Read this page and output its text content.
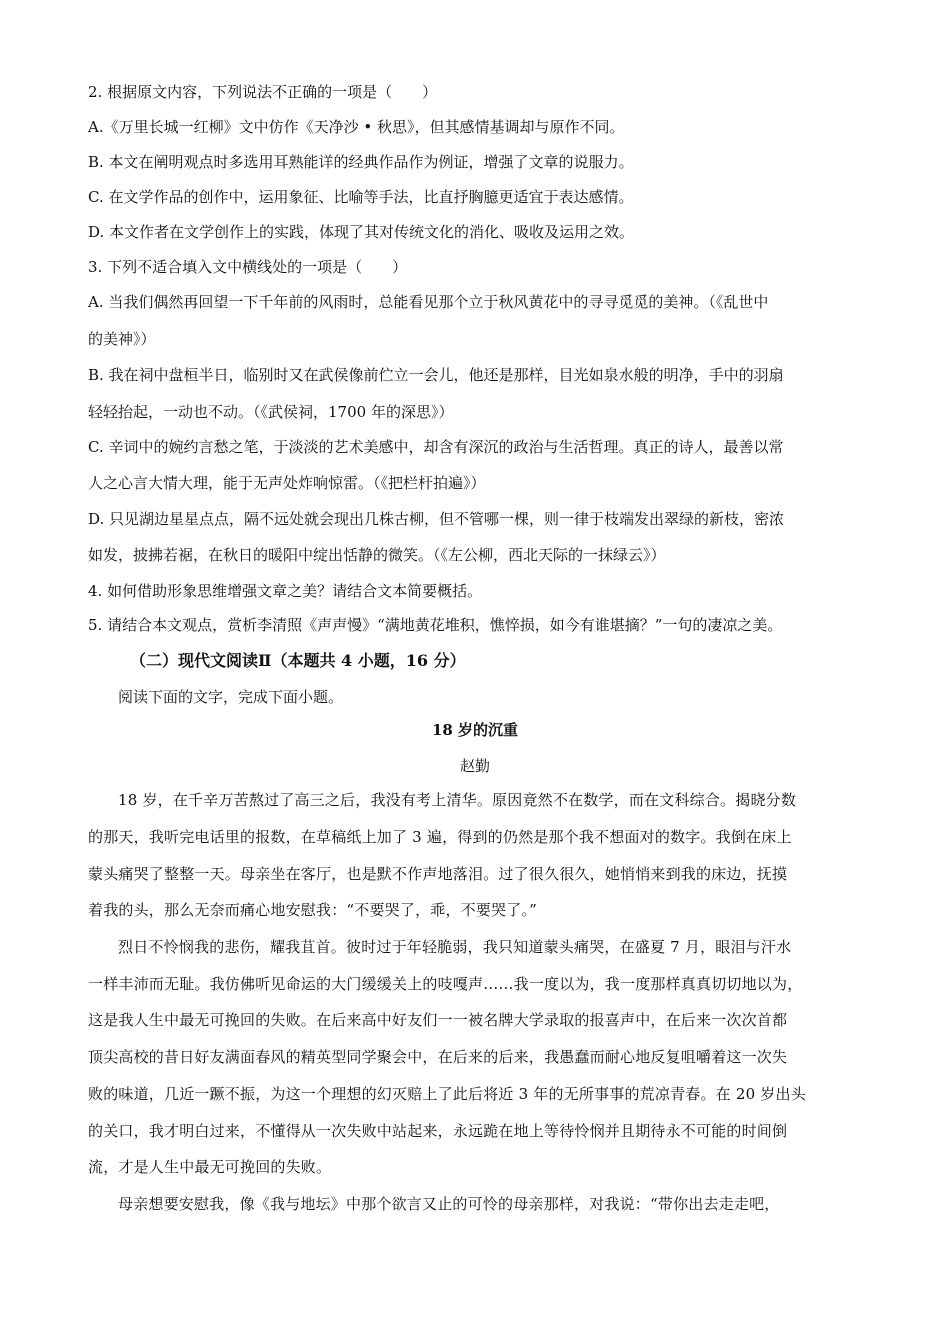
2. 根据原文内容，下列说法不正确的一项是（　　）
A.《万里长城一红柳》文中仿作《天净沙 • 秋思》，但其感情基调却与原作不同。
B. 本文在阐明观点时多选用耳熟能详的经典作品作为例证，增强了文章的说服力。
C. 在文学作品的创作中，运用象征、比喻等手法，比直抒胸臆更适宜于表达感情。
D. 本文作者在文学创作上的实践，体现了其对传统文化的消化、吸收及运用之效。
3. 下列不适合填入文中横线处的一项是（　　）
A. 当我们偶然再回望一下千年前的风雨时，总能看见那个立于秋风黄花中的寻寻觅觅的美神。（《乱世中
的美神》）
B. 我在祠中盘桓半日，临别时又在武侯像前伫立一会儿，他还是那样，目光如泉水般的明净，手中的羽扇
轻轻抬起，一动也不动。（《武侯祠，1700 年的深思》）
C. 辛词中的婉约言愁之笔，于淡淡的艺术美感中，却含有深沉的政治与生活哲理。真正的诗人，最善以常
人之心言大情大理，能于无声处炸响惊雷。（《把栏杆拍遍》）
D. 只见湖边星星点点，隔不远处就会现出几株古柳，但不管哪一棵，则一律于枝端发出翠绿的新枝，密浓
如发，披拂若裾，在秋日的暖阳中绽出恬静的微笑。（《左公柳，西北天际的一抹绿云》）
4. 如何借助形象思维增强文章之美？请结合文本简要概括。
5. 请结合本文观点，赏析李清照《声声慢》“满地黄花堆积，憔悴损，如今有谁堪摘？”一句的凄凉之美。
（二）现代文阅读Ⅱ（本题共 4 小题，16 分）
阅读下面的文字，完成下面小题。
18 岁的沉重
赵勤
18 岁，在千辛万苦熬过了高三之后，我没有考上清华。原因竟然不在数学，而在文科综合。揭晓分数
的那天，我听完电话里的报数，在草稿纸上加了 3 遍，得到的仍然是那个我不想面对的数字。我倒在床上
蒙头痛哭了整整一天。母亲坐在客厅，也是默不作声地落泪。过了很久很久，她悄悄来到我的床边，抚摸
着我的头，那么无奈而痛心地安慰我：“不要哭了，乖，不要哭了。”
烈日不怜悯我的悲伤，耀我苴首。彼时过于年轻脆弱，我只知道蒙头痛哭，在盛夏 7 月，眼泪与汗水
一样丰沛而无耻。我仿佛听见命运的大门缓缓关上的吱嘎声……我一度以为，我一度那样真真切切地以为，
这是我人生中最无可挽回的失败。在后来高中好友们一一被名牌大学录取的报喜声中，在后来一次次首都
顶尖高校的昔日好友满面春风的精英型同学聚会中，在后来的后来，我愚蠢而耐心地反复咀嚼着这一次失
败的味道，几近一蹶不振，为这一个理想的幻灭赔上了此后将近 3 年的无所事事的荒凉青春。在 20 岁出头
的关口，我才明白过来，不懂得从一次失败中站起来，永远跪在地上等待怜悯并且期待永不可能的时间倒
流，才是人生中最无可挽回的失败。
母亲想要安慰我，像《我与地坛》中那个欲言又止的可怜的母亲那样，对我说：“带你出去走走吧，
